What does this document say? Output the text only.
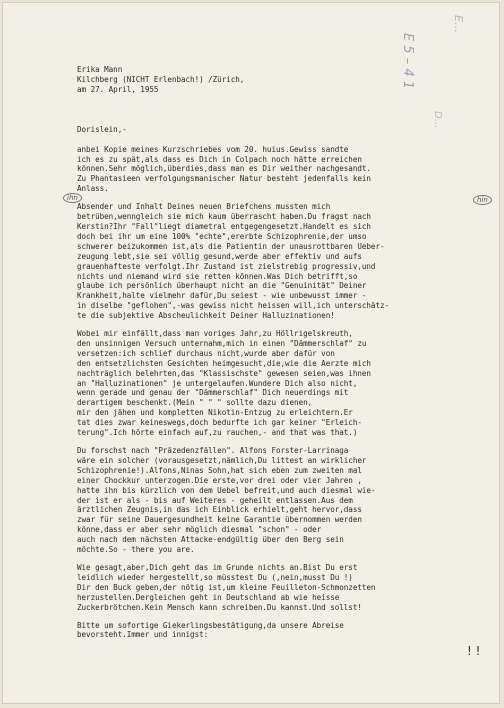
E 5 – 4 1
E…
D…
ihn	hin
! !
Erika Mann
Kilchberg (NICHT Erlenbach!) /Zürich,
am 27. April, 1955
Dorislein,-
anbei Kopie meines Kurzschriebes vom 20. huius.Gewiss sandte
ich es zu spät,als dass es Dich in Colpach noch hätte erreichen
können.Sehr möglich,überdies,dass man es Dir weither nachgesandt.
Zu Phantasieen verfolgungsmanischer Natur besteht jedenfalls kein
Anlass.
Absender und Inhalt Deines neuen Briefchens mussten mich
betrüben,wenngleich sie mich kaum überrascht haben.Du fragst nach
Kerstin?Ihr "Fall"liegt diametral entgegengesetzt.Handelt es sich
doch bei ihr um eine 100% "echte",ererbte Schizophrenie,der umso
schwerer beizukommen ist,als die Patientin der unausrottbaren Ueber-
zeugung lebt,sie sei völlig gesund,werde aber effektiv und aufs
grauenhafteste verfolgt.Ihr Zustand ist zielstrebig progressiv,und
nichts und niemand wird sie retten können.Was Dich betrifft,so
glaube ich persönlich überhaupt nicht an die "Genuinität" Deiner
Krankheit,halte vielmehr dafür,Du seiest - wie unbewusst immer -
in diselbe "geflohen",-was gewiss nicht heissen will,ich unterschätz-
te die subjektive Abscheulichkeit Deiner Halluzinationen!
Wobei mir einfällt,dass man voriges Jahr,zu Höllrigelskreuth,
den unsinnigen Versuch unternahm,mich in einen "Dämmerschlaf" zu
versetzen:ich schlief durchaus nicht,wurde aber dafür von
den entsetzlichsten Gesichten heimgesucht,die,wie die Aerzte mich
nachträglich belehrten,das "Klassischste" gewesen seien,was ihnen
an "Halluzinationen" je untergelaufen.Wundere Dich also nicht,
wenn gerade und genau der "Dämmerschlaf" Dich neuerdings mit
derartigem beschenkt.(Mein " " " sollte dazu dienen,
mir den jähen und kompletten Nikotin-Entzug zu erleichtern.Er
tat dies zwar keineswegs,doch bedurfte ich gar keiner "Erleich-
terung".Ich hörte einfach auf,zu rauchen,- and that was that.)
Du forschst nach "Präzedenzfällen". Alfons Forster-Larrinaga
wäre ein solcher (vorausgesetzt,nämlich,Du littest an wirklicher
Schizophrenie!).Alfons,Ninas Sohn,hat sich eben zum zweiten mal
einer Chockkur unterzogen.Die erste,vor drei oder vier Jahren ,
hatte ihn bis kürzlich von dem Uebel befreit,und auch diesmal wie-
der ist er als - bis auf Weiteres - geheilt entlassen.Aus dem
ärztlichen Zeugnis,in das ich Einblick erhielt,geht hervor,dass
zwar für seine Dauergesundheit keine Garantie übernommen werden
könne,dass er aber sehr möglich diesmal "schon" - oder
auch nach dem nächsten Attacke-endgültig über den Berg sein
möchte.So - there you are.
Wie gesagt,aber,Dich geht das im Grunde nichts an.Bist Du erst
leidlich wieder hergestellt,so müsstest Du (,nein,musst Du !)
Dir den Buck geben,der nötig ist,um kleine Feuilleton-Schmonzetten
herzustellen.Dergleichen geht in Deutschland ab wie heisse
Zuckerbrötchen.Kein Mensch kann schreiben.Du kannst.Und sollst!
Bitte um sofortige Giekerlingsbestätigung,da unsere Abreise
bevorsteht.Immer und innigst:
